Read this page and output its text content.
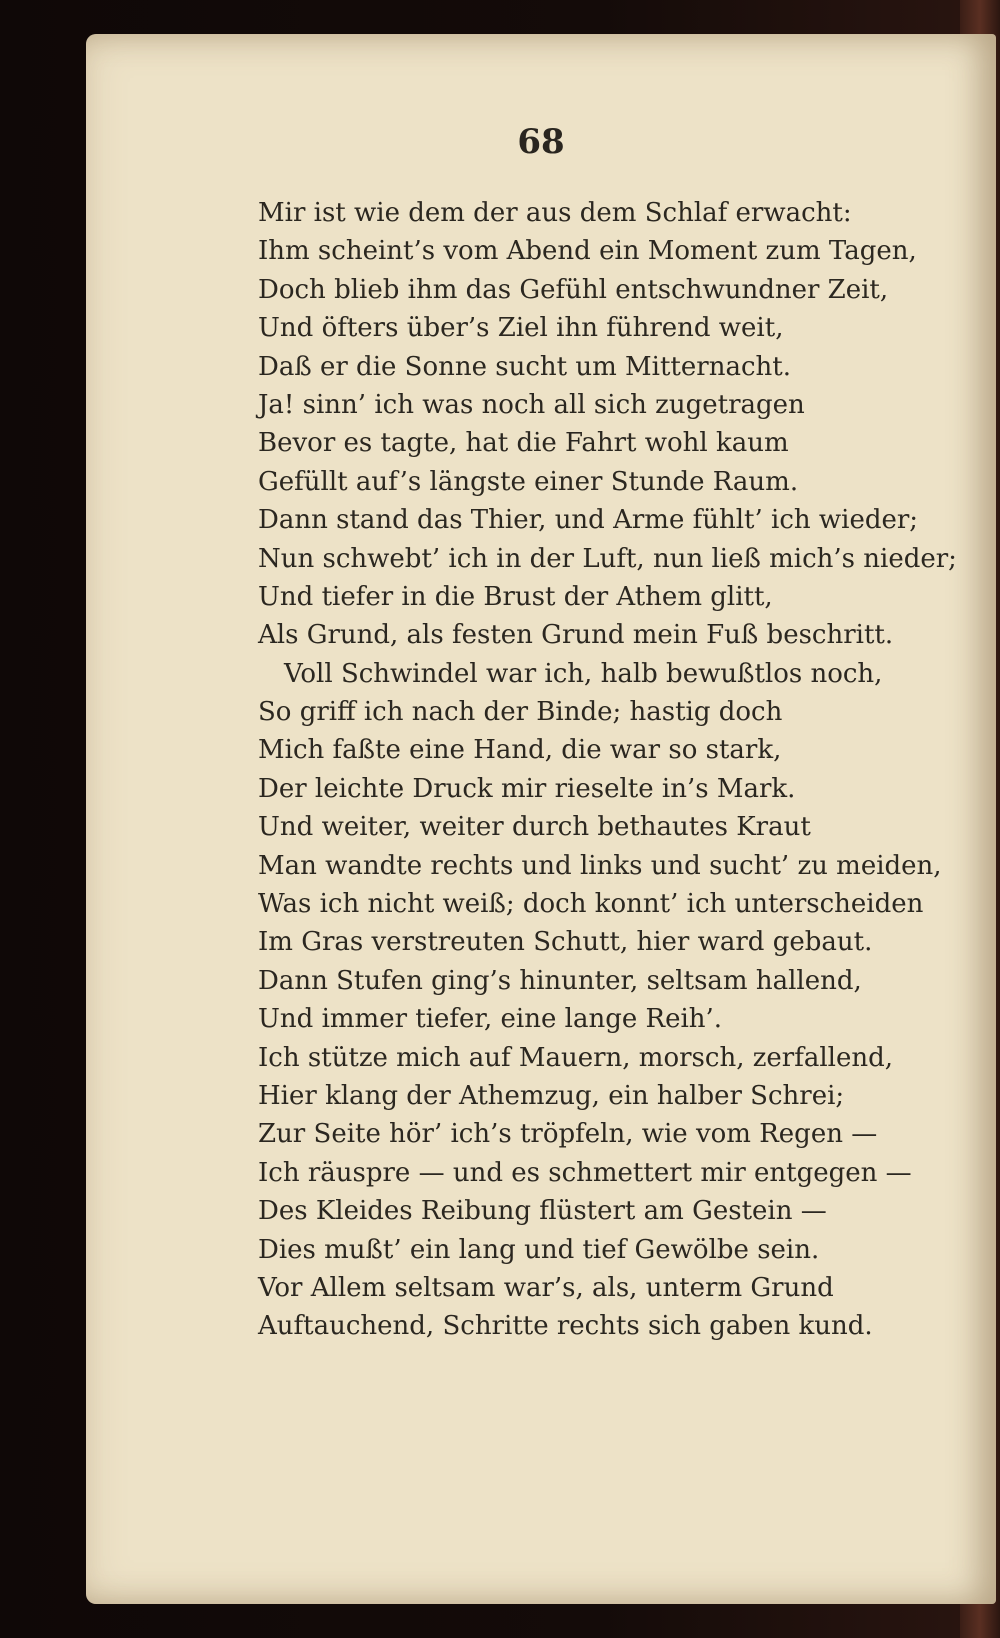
68

Mir ist wie dem der aus dem Schlaf erwacht:
Ihm scheint’s vom Abend ein Moment zum Tagen,
Doch blieb ihm das Gefühl entschwundner Zeit,
Und öfters über’s Ziel ihn führend weit,
Daß er die Sonne sucht um Mitternacht.
Ja! sinn’ ich was noch all sich zugetragen
Bevor es tagte, hat die Fahrt wohl kaum
Gefüllt auf’s längste einer Stunde Raum.
Dann stand das Thier, und Arme fühlt’ ich wieder;
Nun schwebt’ ich in der Luft, nun ließ mich’s nieder;
Und tiefer in die Brust der Athem glitt,
Als Grund, als festen Grund mein Fuß beschritt.
Voll Schwindel war ich, halb bewußtlos noch,
So griff ich nach der Binde; hastig doch
Mich faßte eine Hand, die war so stark,
Der leichte Druck mir rieselte in’s Mark.
Und weiter, weiter durch bethautes Kraut
Man wandte rechts und links und sucht’ zu meiden,
Was ich nicht weiß; doch konnt’ ich unterscheiden
Im Gras verstreuten Schutt, hier ward gebaut.
Dann Stufen ging’s hinunter, seltsam hallend,
Und immer tiefer, eine lange Reih’.
Ich stütze mich auf Mauern, morsch, zerfallend,
Hier klang der Athemzug, ein halber Schrei;
Zur Seite hör’ ich’s tröpfeln, wie vom Regen —
Ich räuspre — und es schmettert mir entgegen —
Des Kleides Reibung flüstert am Gestein —
Dies mußt’ ein lang und tief Gewölbe sein.
Vor Allem seltsam war’s, als, unterm Grund
Auftauchend, Schritte rechts sich gaben kund.
